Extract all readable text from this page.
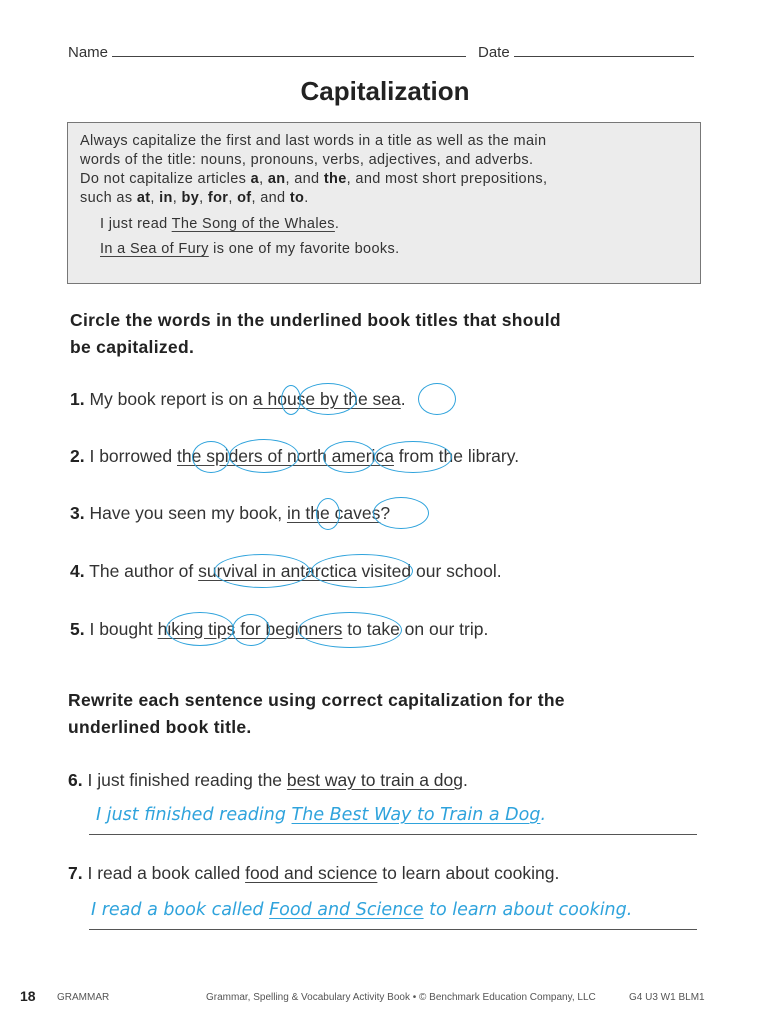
Name	Date
Capitalization
Always capitalize the first and last words in a title as well as the main
words of the title: nouns, pronouns, verbs, adjectives, and adverbs.
Do not capitalize articles a, an, and the, and most short prepositions,
such as at, in, by, for, of, and to.
I just read The Song of the Whales.
In a Sea of Fury is one of my favorite books.
Circle the words in the underlined book titles that should
be capitalized.
1. My book report is on a house by the sea.
2. I borrowed the spiders of north america from the library.
3. Have you seen my book, in the caves?
4. The author of survival in antarctica visited our school.
5. I bought hiking tips for beginners to take on our trip.
Rewrite each sentence using correct capitalization for the
underlined book title.
6. I just finished reading the best way to train a dog.
I just finished reading The Best Way to Train a Dog.
7. I read a book called food and science to learn about cooking.
I read a book called Food and Science to learn about cooking.
18 GRAMMAR	Grammar, Spelling & Vocabulary Activity Book • © Benchmark Education Company, LLC	G4 U3 W1 BLM1
